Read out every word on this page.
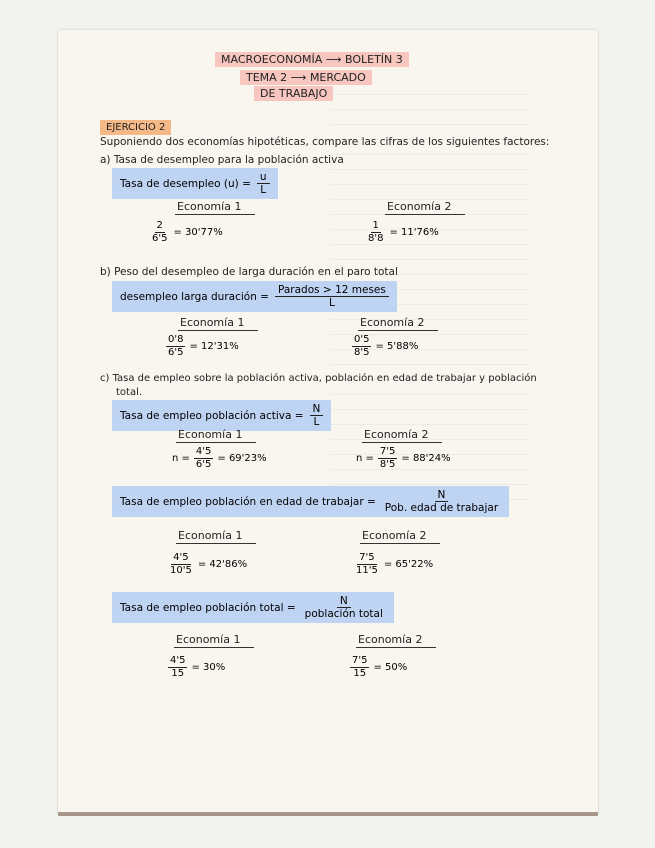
MACROECONOMÍA ⟶ BOLETÍN 3
TEMA 2 ⟶ MERCADO
DE TRABAJO
EJERCICIO 2
Suponiendo dos economías hipotéticas, compare las cifras de los siguientes factores:
a) Tasa de desempleo para la población activa
Tasa de desempleo $(u) = \frac{u}{L}$
Economía 1	Economía 2
$\frac{2}{6'5} = 30'77\%$	$\frac{1}{8'8} = 11'76\%$
b) Peso del desempleo de larga duración en el paro total
desempleo larga duración =
Parados > 12 meses
L
Economía 1	Economía 2
$\frac{0'8}{6'5} = 12'31\%$	$\frac{0'5}{8'5} = 5'88\%$
c) Tasa de empleo sobre la población activa, población en edad de trabajar y población
total.
Tasa de empleo población activa = $\frac{N}{L}$
Economía 1	Economía 2
$n = \frac{4'5}{6'5} = 69'23\%$	$n = \frac{7'5}{8'5} = 88'24\%$
Tasa de empleo población en edad de trabajar =
N
Pob. edad de trabajar
Economía 1	Economía 2
$\frac{4'5}{10'5} = 42'86\%$	$\frac{7'5}{11'5} = 65'22\%$
Tasa de empleo población total =
N
población total
Economía 1	Economía 2
$\frac{4'5}{15} = 30\%$	$\frac{7'5}{15} = 50\%$
